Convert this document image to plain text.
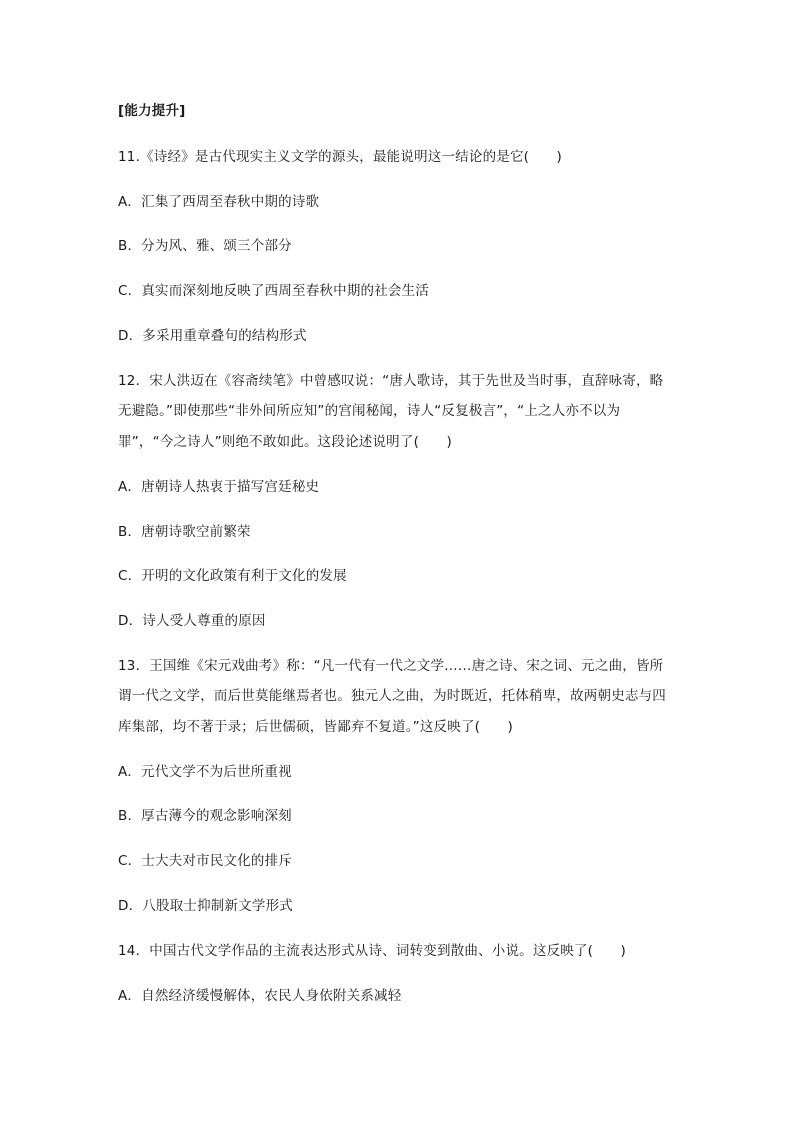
[能力提升]
11.《诗经》是古代现实主义文学的源头，最能说明这一结论的是它(　　)
A．汇集了西周至春秋中期的诗歌
B．分为风、雅、颂三个部分
C．真实而深刻地反映了西周至春秋中期的社会生活
D．多采用重章叠句的结构形式
12．宋人洪迈在《容斋续笔》中曾感叹说：“唐人歌诗，其于先世及当时事，直辞咏寄，略
无避隐。”即使那些“非外间所应知”的宫闱秘闻，诗人“反复极言”，“上之人亦不以为
罪”，“今之诗人”则绝不敢如此。这段论述说明了(　　)
A．唐朝诗人热衷于描写宫廷秘史
B．唐朝诗歌空前繁荣
C．开明的文化政策有利于文化的发展
D．诗人受人尊重的原因
13．王国维《宋元戏曲考》称：“凡一代有一代之文学……唐之诗、宋之词、元之曲，皆所
谓一代之文学，而后世莫能继焉者也。独元人之曲，为时既近，托体稍卑，故两朝史志与四
库集部，均不著于录；后世儒硕，皆鄙弃不复道。”这反映了(　　)
A．元代文学不为后世所重视
B．厚古薄今的观念影响深刻
C．士大夫对市民文化的排斥
D．八股取士抑制新文学形式
14．中国古代文学作品的主流表达形式从诗、词转变到散曲、小说。这反映了(　　)
A．自然经济缓慢解体，农民人身依附关系减轻
